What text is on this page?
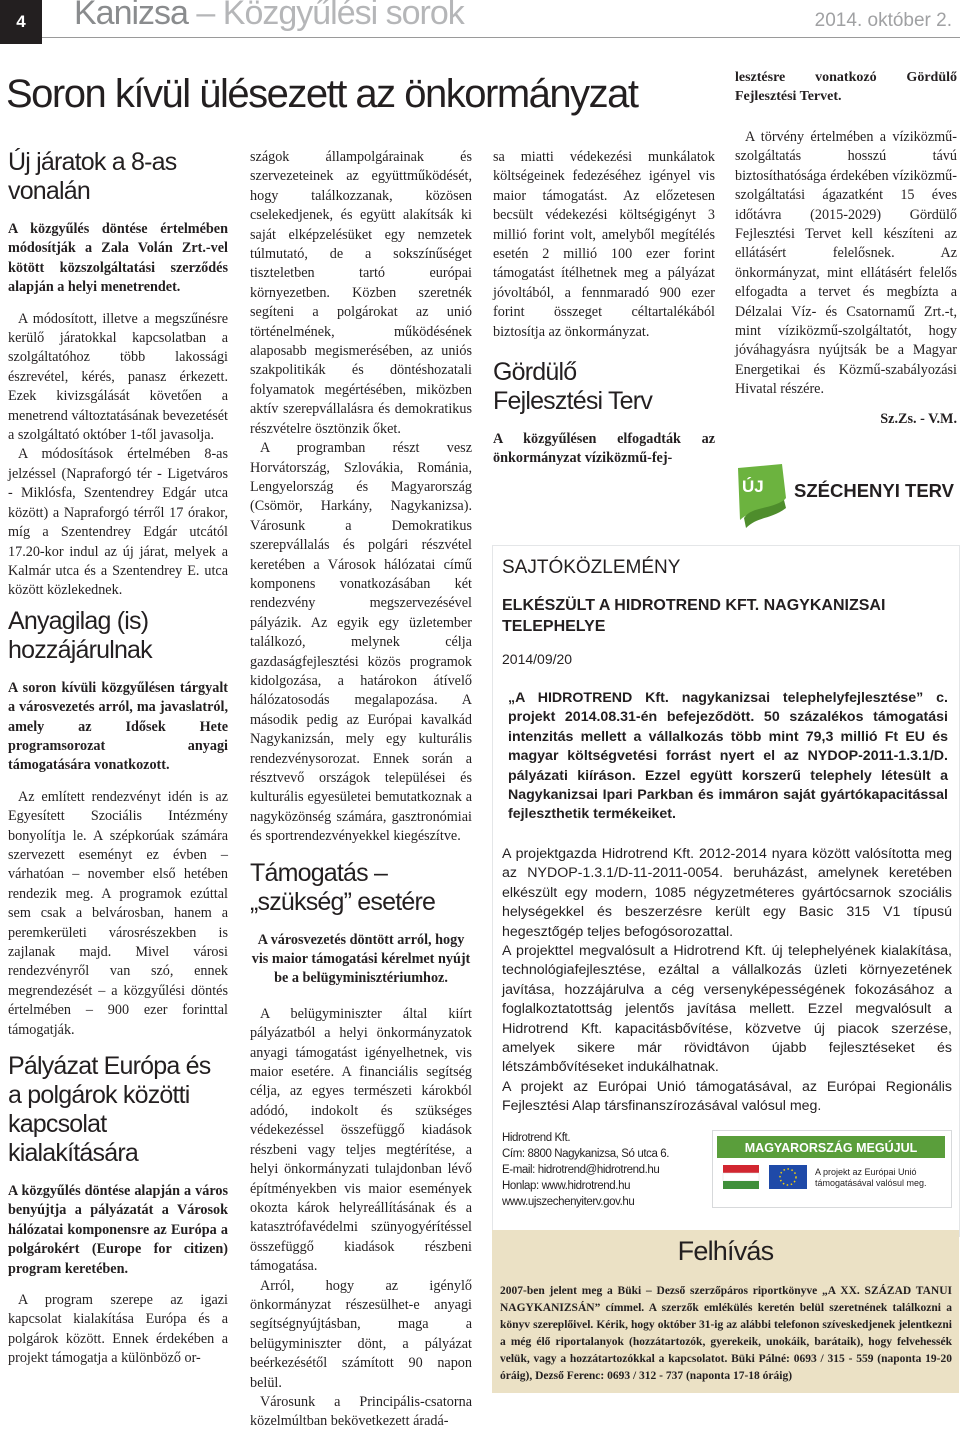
4	Kanizsa – Közgyűlési sorok	2014. október 2.
Soron kívül ülésezett az önkormányzat
Új járatok a 8-as vonalán

A közgyűlés döntése értelmében módosítják a Zala Volán Zrt.-vel kötött közszolgáltatási szerződés alapján a helyi menetrendet.

A módosított, illetve a megszűnésre kerülő járatokkal kapcsolatban a szolgáltatóhoz több lakossági észrevétel, kérés, panasz érkezett. Ezek kivizsgálását követően a menetrend változtatásának bevezetését a szolgáltató október 1-től javasolja.

A módosítások értelmében 8-as jelzéssel (Napraforgó tér - Ligetváros - Miklósfa, Szentendrey Edgár utca között) a Napraforgó térről 17 órakor, míg a Szentendrey Edgár utcától 17.20-kor indul az új járat, melyek a Kalmár utca és a Szentendrey E. utca között közlekednek.

Anyagilag (is) hozzájárulnak

A soron kívüli közgyűlésen tárgyalt a városvezetés arról, ma javaslatról, amely az Idősek Hete programsorozat anyagi támogatására vonatkozott.

Az említett rendezvényt idén is az Egyesített Szociális Intézmény bonyolítja le. A szépkorúak számára szervezett eseményt ez évben – várhatóan – november első hetében rendezik meg. A programok ezúttal sem csak a belvárosban, hanem a peremkerületi városrészekben is zajlanak majd. Mivel városi rendezvényről van szó, ennek megrendezését – a közgyűlési döntés értelmében – 900 ezer forinttal támogatják.

Pályázat Európa és a polgárok közötti kapcsolat kialakítására

A közgyűlés döntése alapján a város benyújtja a pályázatát a Városok hálózatai komponensre az Európa a polgárokért (Europe for citizen) program keretében.

A program szerepe az igazi kapcsolat kialakítása Európa és a polgárok között. Ennek érdekében a projekt támogatja a különböző or-

szágok állampolgárainak és szervezeteinek az együttműködését, hogy találkozzanak, közösen cselekedjenek, és együtt alakítsák ki saját elképzelésüket egy nemzetek túlmutató, de a sokszínűséget tiszteletben tartó európai környezetben. Közben szeretnék segíteni a polgárokat az unió történelmének, működésének alaposabb megismerésében, az uniós szakpolitikák és döntéshozatali folyamatok megértésében, miközben aktív szerepvállalásra és demokratikus részvételre ösztönzik őket.

A programban részt vesz Horvátország, Szlovákia, Románia, Lengyelország és Magyarország (Csömör, Harkány, Nagykanizsa). Városunk a Demokratikus szerepvállalás és polgári részvétel keretében a Városok hálózatai című komponens vonatkozásában két rendezvény megszervezésével pályázik. Az egyik egy üzletember találkozó, melynek célja gazdaságfejlesztési közös programok kidolgozása, a határokon átívelő hálózatosodás megalapozása. A második pedig az Európai kavalkád Nagykanizsán, mely egy kulturális rendezvénysorozat. Ennek során a résztvevő országok települései és kulturális egyesületei bemutatkoznak a nagyközönség számára, gasztronómiai és sportrendezvényekkel kiegészítve.

Támogatás – „szükség” esetére

A városvezetés döntött arról, hogy vis maior támogatási kérelmet nyújt be a belügyminisztériumhoz.

A belügyminiszter által kiírt pályázatból a helyi önkormányzatok anyagi támogatást igényelhetnek, vis maior esetére. A financiális segítség célja, az egyes természeti károkból adódó, indokolt és szükséges védekezéssel összefüggő kiadások részbeni vagy teljes megtérítése, a helyi önkormányzati tulajdonban lévő építményekben vis maior események okozta károk helyreállításának és a katasztrófavédelmi szünyogyérítéssel összefüggő kiadások részbeni támogatása.

Arról, hogy az igénylő önkormányzat részesülhet-e anyagi segítségnyújtásban, maga a belügyminiszter dönt, a pályázat beérkezésétől számított 90 napon belül.

Városunk a Principális-csatorna közelmúltban bekövetkezett áradá-

sa miatti védekezési munkálatok költségeinek fedezéséhez igényel vis maior támogatást. Az előzetesen becsült védekezési költségigényt 3 millió forint volt, amelyből megítélés esetén 2 millió 100 ezer forint támogatást ítélhetnek meg a pályázat jóvoltából, a fennmaradó 900 ezer forint összeget céltartalékából biztosítja az önkormányzat.

Gördülő Fejlesztési Terv

A közgyűlésen elfogadták az önkormányzat víziközmű-fej-

lesztésre vonatkozó Gördülő Fejlesztési Tervet.

A törvény értelmében a víziközmű-szolgáltatás hosszú távú biztosíthatósága érdekében víziközmű-szolgáltatási ágazatként 15 éves időtávra (2015-2029) Gördülő Fejlesztési Tervet kell készíteni az ellátásért felelősnek. Az önkormányzat, mint ellátásért felelős elfogadta a tervet és megbízta a Délzalai Víz- és Csatornamű Zrt.-t, mint víziközmű-szolgáltatót, hogy jóváhagyásra nyújtsák be a Magyar Energetikai és Közmű-szabályozási Hivatal részére.

Sz.Zs. - V.M.

ÚJ SZÉCHENYI TERV
SAJTÓKÖZLEMÉNY
ELKÉSZÜLT A HIDROTREND KFT. NAGYKANIZSAI TELEPHELYE
2014/09/20
„A HIDROTREND Kft. nagykanizsai telephelyfejlesztése” c. projekt 2014.08.31-én befejeződött. 50 százalékos támogatási intenzitás mellett a vállalkozás több mint 79,3 millió Ft EU és magyar költségvetési forrást nyert el az NYDOP-2011-1.3.1/D. pályázati kiíráson. Ezzel együtt korszerű telephely létesült a Nagykanizsai Ipari Parkban és immáron saját gyártókapacitással fejleszthetik termékeiket.

A projektgazda Hidrotrend Kft. 2012-2014 nyara között valósította meg az NYDOP-1.3.1/D-11-2011-0054. beruházást, amelynek keretében elkészült egy modern, 1085 négyzetméteres gyártócsarnok szociális helységekkel és beszerzésre került egy Basic 315 V1 típusú hegesztőgép teljes befogósorozattal.

A projekttel megvalósult a Hidrotrend Kft. új telephelyének kialakítása, technológiafejlesztése, ezáltal a vállalkozás üzleti környezetének javítása, hozzájárulva a cég versenyképességének fokozásához a foglalkoztatottság jelentős javítása mellett. Ezzel megvalósult a Hidrotrend Kft. kapacitásbővítése, közvetve új piacok szerzése, amelyek sikere már rövidtávon újabb fejlesztéseket és létszámbővítéseket indukálhatnak.

A projekt az Európai Unió támogatásával, az Európai Regionális Fejlesztési Alap társfinanszírozásával valósul meg.

Hidrotrend Kft.
Cím: 8800 Nagykanizsa, Só utca 6.
E-mail: hidrotrend@hidrotrend.hu
Honlap: www.hidrotrend.hu
www.ujszechenyiterv.gov.hu
MAGYARORSZÁG MEGÚJUL
A projekt az Európai Unió
támogatásával valósul meg.
Felhívás
2007-ben jelent meg a Büki – Dezső szerzőpáros riportkönyve „A XX. SZÁZAD TANUI NAGYKANIZSÁN” címmel. A szerzők emlékülés keretén belül szeretnének találkozni a könyv szereplőivel. Kérik, hogy október 31-ig az alábbi telefonon szíveskedjenek jelentkezni a még élő riportalanyok (hozzátartozók, gyerekeik, unokáik, barátaik), hogy felvehessék velük, vagy a hozzátartozókkal a kapcsolatot. Büki Pálné: 0693 / 315 - 559 (naponta 19-20 óráig), Dezső Ferenc: 0693 / 312 - 737 (naponta 17-18 óráig)
